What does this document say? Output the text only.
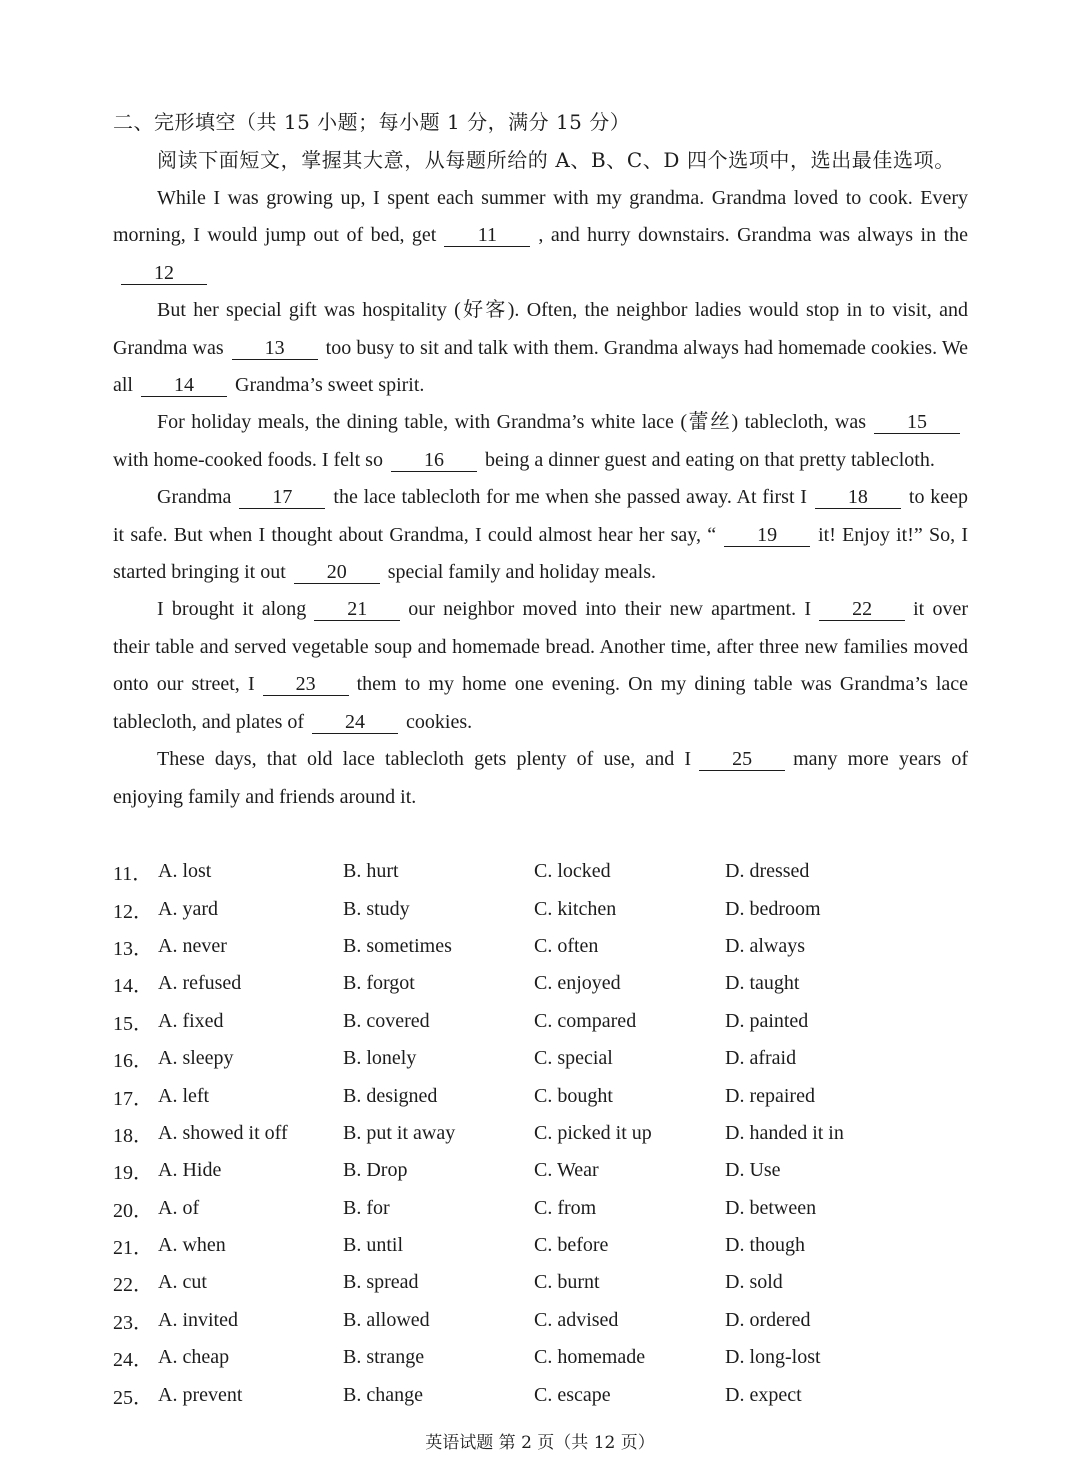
二、完形填空（共 15 小题；每小题 1 分，满分 15 分）
阅读下面短文，掌握其大意，从每题所给的 A、B、C、D 四个选项中，选出最佳选项。

While I was growing up, I spent each summer with my grandma. Grandma loved to cook. Every morning, I would jump out of bed, get 11 , and hurry downstairs. Grandma was always in the12

But her special gift was hospitality (好客). Often, the neighbor ladies would stop in to visit, and Grandma was 13 too busy to sit and talk with them. Grandma always had homemade cookies. We all 14 Grandma’s sweet spirit.

For holiday meals, the dining table, with Grandma’s white lace (蕾丝) tablecloth, was 15with home-cooked foods. I felt so 16 being a dinner guest and eating on that pretty tablecloth.

Grandma 17 the lace tablecloth for me when she passed away. At first I 18 to keep it safe. But when I thought about Grandma, I could almost hear her say, “ 19 it! Enjoy it!” So, I started bringing it out 20 special family and holiday meals.

I brought it along 21 our neighbor moved into their new apartment. I 22 it over their table and served vegetable soup and homemade bread. Another time, after three new families moved onto our street, I 23 them to my home one evening. On my dining table was Grandma’s lace tablecloth, and plates of 24 cookies.

These days, that old lace tablecloth gets plenty of use, and I 25 many more years of enjoying family and friends around it.

11． A. lost	B. hurt	C. locked	D. dressed
12． A. yard	B. study	C. kitchen	D. bedroom
13． A. never	B. sometimes	C. often	D. always
14． A. refused	B. forgot	C. enjoyed	D. taught
15． A. fixed	B. covered	C. compared	D. painted
16． A. sleepy	B. lonely	C. special	D. afraid
17． A. left	B. designed	C. bought	D. repaired
18． A. showed it off	B. put it away	C. picked it up	D. handed it in
19． A. Hide	B. Drop	C. Wear	D. Use
20． A. of	B. for	C. from	D. between
21． A. when	B. until	C. before	D. though
22． A. cut	B. spread	C. burnt	D. sold
23． A. invited	B. allowed	C. advised	D. ordered
24． A. cheap	B. strange	C. homemade	D. long-lost
25． A. prevent	B. change	C. escape	D. expect
英语试题 第 2 页（共 12 页）
